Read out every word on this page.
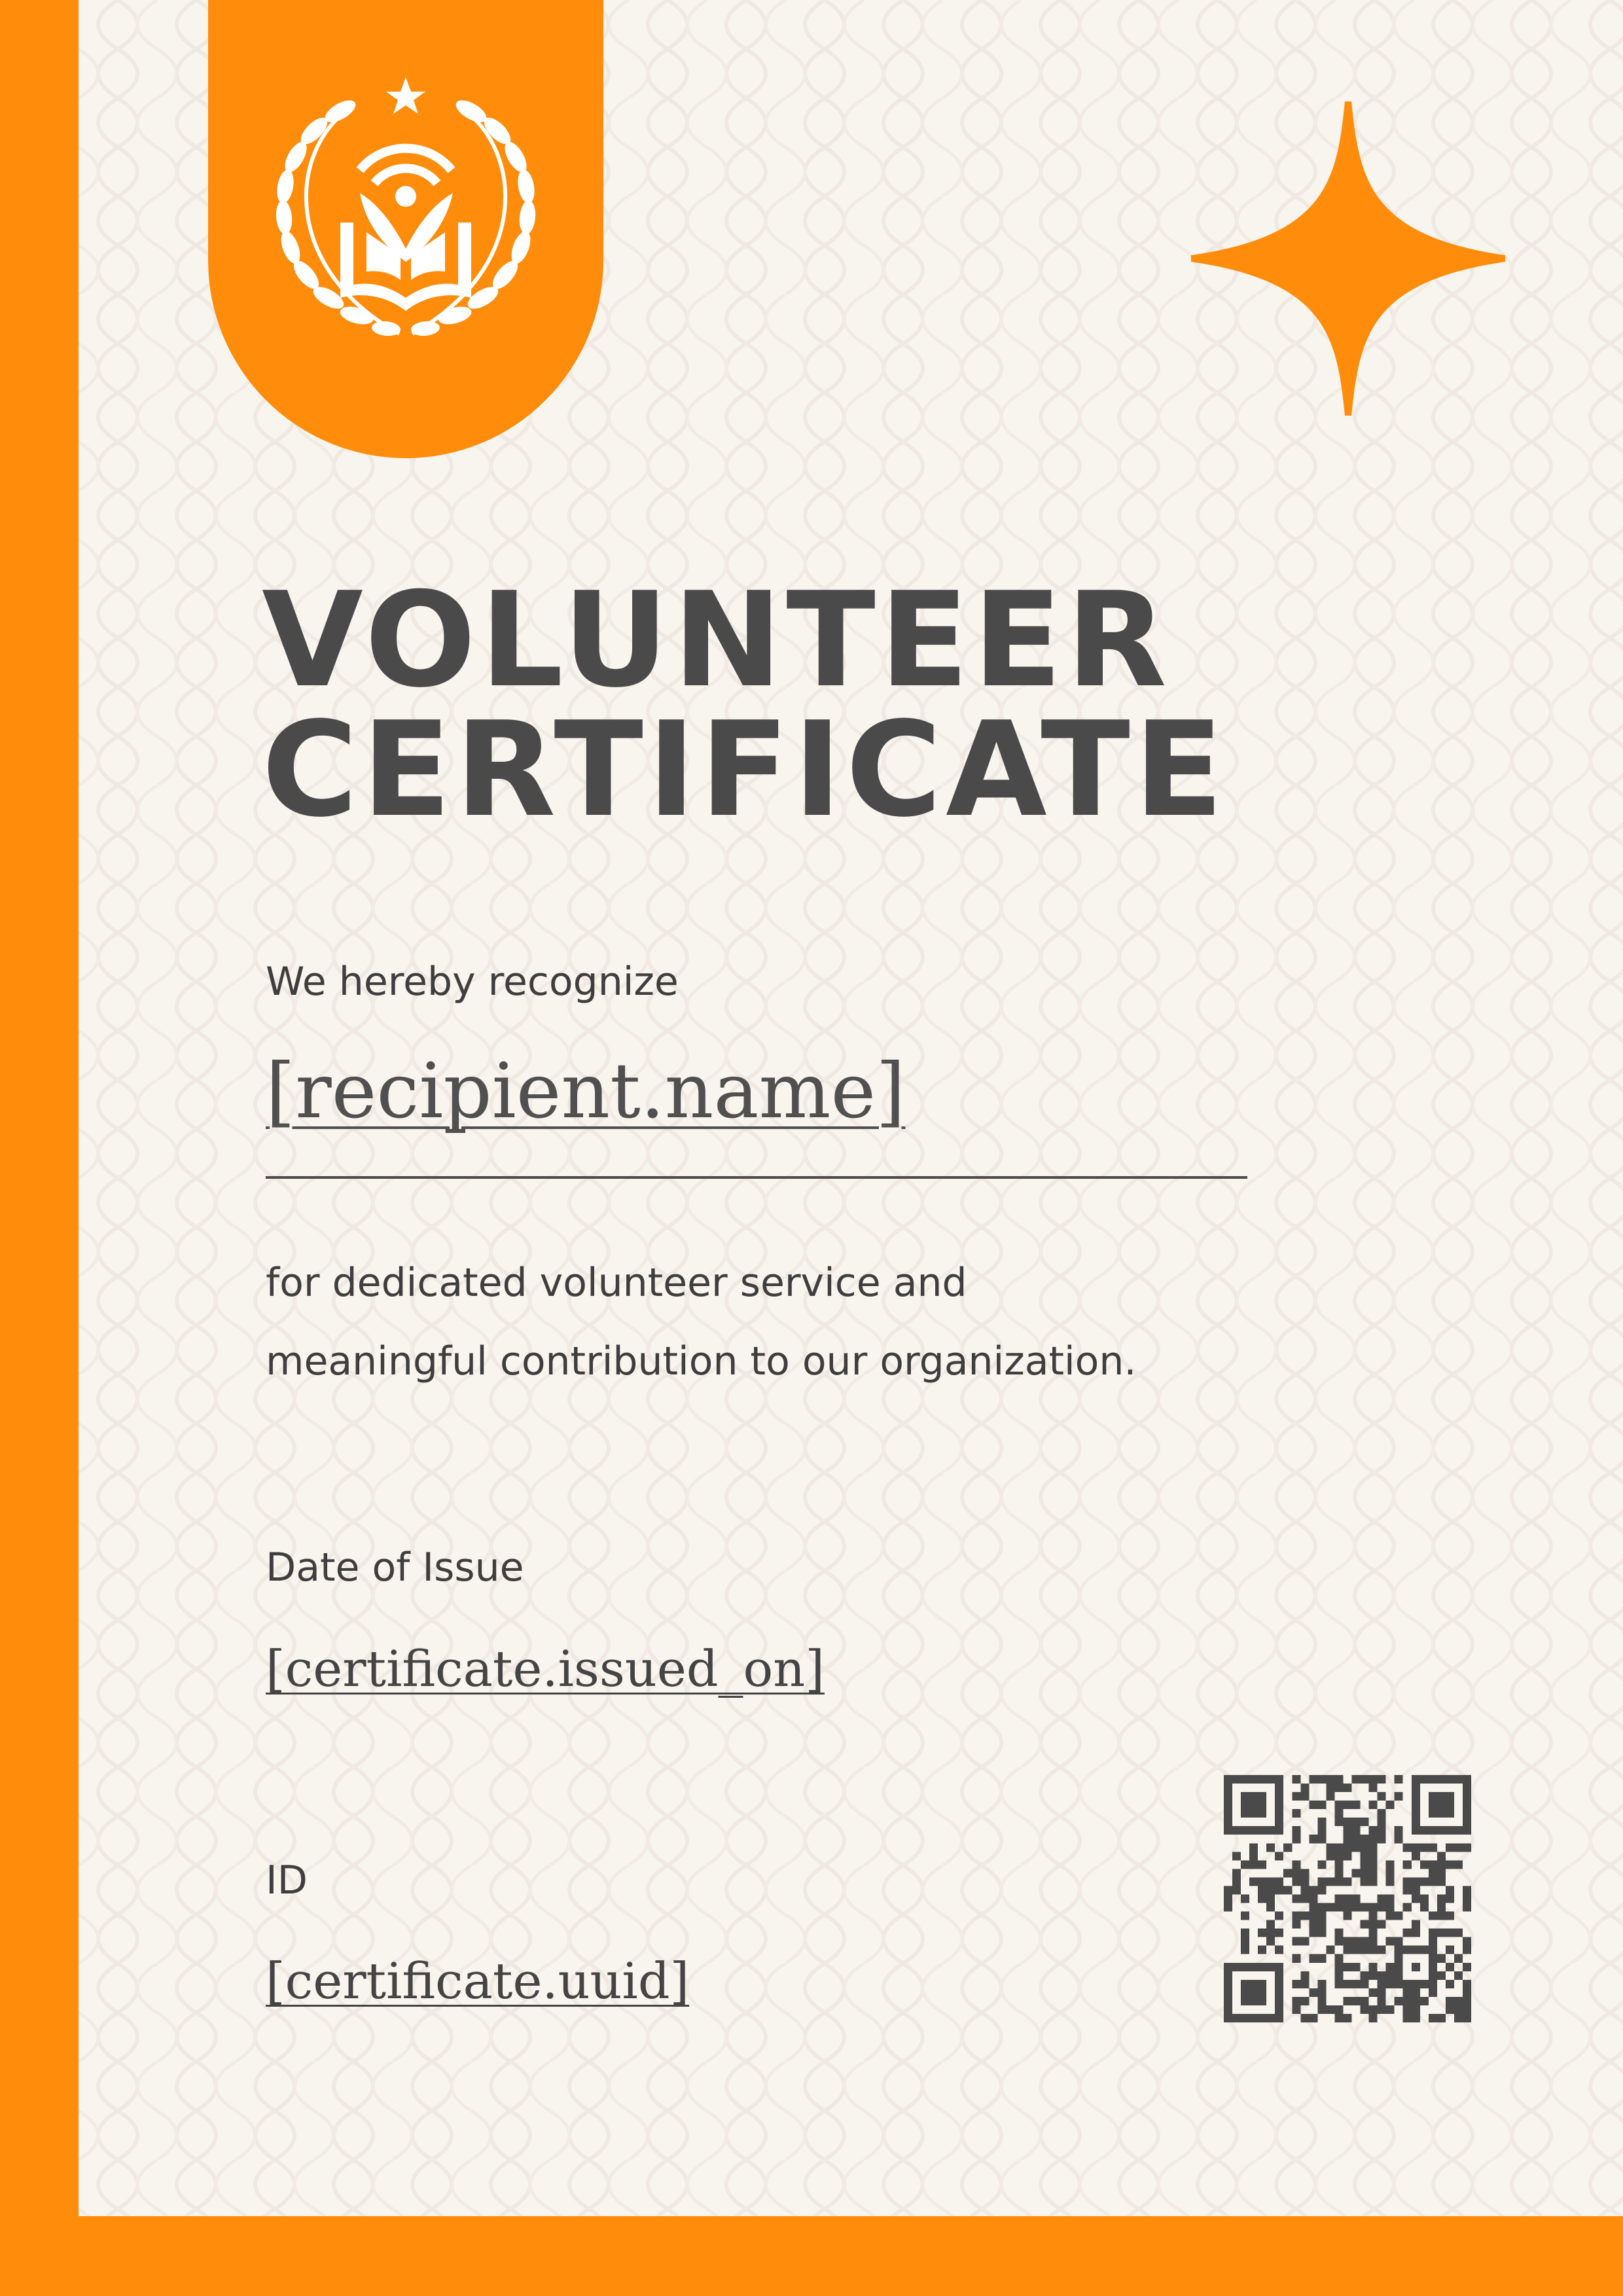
VOLUNTEER
CERTIFICATE
We hereby recognize
[recipient.name]
for dedicated volunteer service and
meaningful contribution to our organization.
Date of Issue
[certificate.issued_on]
ID
[certificate.uuid]
